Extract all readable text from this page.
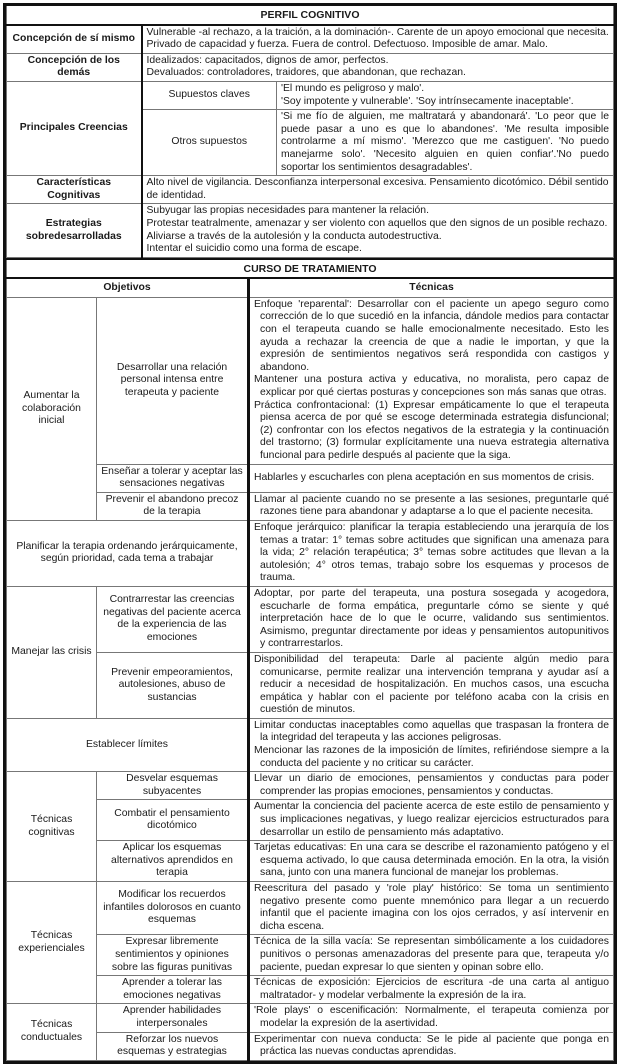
PERFIL COGNITIVO		
Concepción de sí mismo	Vulnerable -al rechazo, a la traición, a la dominación-. Carente de un apoyo emocional que necesita.

Privado de capacidad y fuerza. Fuera de control. Defectuoso. Imposible de amar. Malo.	

Concepción de los demás	Idealizados: capacitados, dignos de amor, perfectos.

Devaluados: controladores, traidores, que abandonan, que rechazan.	

Principales Creencias	Supuestos claves	'El mundo es peligroso y malo'.

'Soy impotente y vulnerable'. 'Soy intrínsecamente inaceptable'.

	Otros supuestos	'Si me fío de alguien, me maltratará y abandonará'. 'Lo peor que le puede pasar a uno es que lo abandones'. 'Me resulta imposible controlarme a mí mismo'. 'Merezco que me castiguen'. 'No puedo manejarme solo'. 'Necesito alguien en quien confiar'.'No puedo soportar los sentimientos desagradables'.
Características Cognitivas	Alto nivel de vigilancia. Desconfianza interpersonal excesiva. Pensamiento dicotómico. Débil sentido de identidad.	
Estrategias sobredesarrolladas	Subyugar las propias necesidades para mantener la relación.

Protestar teatralmente, amenazar y ser violento con aquellos que den signos de un posible rechazo.

Aliviarse a través de la autolesión y la conducta autodestructiva.

Intentar el suicidio como una forma de escape.	

CURSO DE TRATAMIENTO		
Objetivos		Técnicas
Aumentar la colaboración inicial	Desarrollar una relación personal intensa entre terapeuta y paciente	Enfoque 'reparental': Desarrollar con el paciente un apego seguro como corrección de lo que sucedió en la infancia, dándole medios para contactar con el terapeuta cuando se halle emocionalmente necesitado. Esto les ayuda a rechazar la creencia de que a nadie le importan, y que la expresión de sentimientos negativos será respondida con castigos y abandono.

Mantener una postura activa y educativa, no moralista, pero capaz de explicar por qué ciertas posturas y concepciones son más sanas que otras.

Práctica confrontacional: (1) Expresar empáticamente lo que el terapeuta piensa acerca de por qué se escoge determinada estrategia disfuncional; (2) confrontar con los efectos negativos de la estrategia y la continuación del trastorno; (3) formular explícitamente una nueva estrategia alternativa funcional para pedirle después al paciente que la siga.

	Enseñar a tolerar y aceptar las sensaciones negativas	Hablarles y escucharles con plena aceptación en sus momentos de crisis.

	Prevenir el abandono precoz de la terapia	Llamar al paciente cuando no se presente a las sesiones, preguntarle qué razones tiene para abandonar y adaptarse a lo que el paciente necesita.

Planificar la terapia ordenando jerárquicamente, según prioridad, cada tema a trabajar		Enfoque jerárquico: planificar la terapia estableciendo una jerarquía de los temas a tratar: 1° temas sobre actitudes que significan una amenaza para la vida; 2° relación terapéutica; 3° temas sobre actitudes que llevan a la autolesión; 4° otros temas, trabajo sobre los esquemas y procesos de trauma.

Manejar las crisis	Contrarrestar las creencias negativas del paciente acerca de la experiencia de las emociones	Adoptar, por parte del terapeuta, una postura sosegada y acogedora, escucharle de forma empática, preguntarle cómo se siente y qué interpretación hace de lo que le ocurre, validando sus sentimientos. Asimismo, preguntar directamente por ideas y pensamientos autopunitivos y contrarrestarlos.

	Prevenir empeoramientos, autolesiones, abuso de sustancias	Disponibilidad del terapeuta: Darle al paciente algún medio para comunicarse, permite realizar una intervención temprana y ayudar así a reducir a necesidad de hospitalización. En muchos casos, una escucha empática y hablar con el paciente por teléfono acaba con la crisis en cuestión de minutos.

Establecer límites		Limitar conductas inaceptables como aquellas que traspasan la frontera de la integridad del terapeuta y las acciones peligrosas.

Mencionar las razones de la imposición de límites, refiriéndose siempre a la conducta del paciente y no criticar su carácter.

Técnicas cognitivas	Desvelar esquemas subyacentes	Llevar un diario de emociones, pensamientos y conductas para poder comprender las propias emociones, pensamientos y conductas.

	Combatir el pensamiento dicotómico	Aumentar la conciencia del paciente acerca de este estilo de pensamiento y sus implicaciones negativas, y luego realizar ejercicios estructurados para desarrollar un estilo de pensamiento más adaptativo.

	Aplicar los esquemas alternativos aprendidos en terapia	Tarjetas educativas: En una cara se describe el razonamiento patógeno y el esquema activado, lo que causa determinada emoción. En la otra, la visión sana, junto con una manera funcional de manejar los problemas.

Técnicas experienciales	Modificar los recuerdos infantiles dolorosos en cuanto esquemas	Reescritura del pasado y 'role play' histórico: Se toma un sentimiento negativo presente como puente mnemónico para llegar a un recuerdo infantil que el paciente imagina con los ojos cerrados, y así intervenir en dicha escena.

	Expresar libremente sentimientos y opiniones sobre las figuras punitivas	Técnica de la silla vacía: Se representan simbólicamente a los cuidadores punitivos o personas amenazadoras del presente para que, terapeuta y/o paciente, puedan expresar lo que sienten y opinan sobre ello.

	Aprender a tolerar las emociones negativas	Técnicas de exposición: Ejercicios de escritura -de una carta al antiguo maltratador- y modelar verbalmente la expresión de la ira.

Técnicas conductuales	Aprender habilidades interpersonales	'Role plays' o escenificación: Normalmente, el terapeuta comienza por modelar la expresión de la asertividad.

	Reforzar los nuevos esquemas y estrategias	Experimentar con nueva conducta: Se le pide al paciente que ponga en práctica las nuevas conductas aprendidas.
